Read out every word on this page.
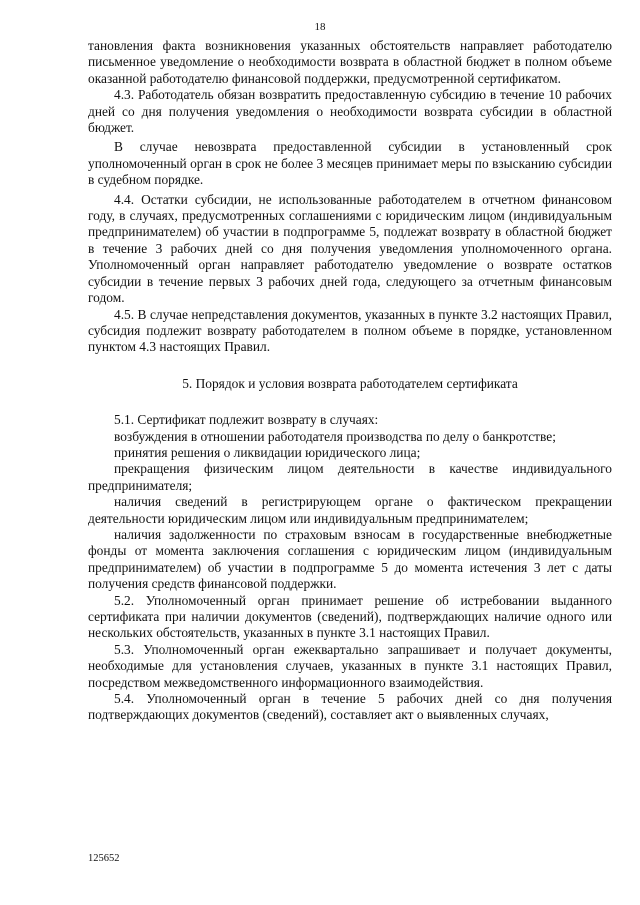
18

тановления факта возникновения указанных обстоятельств направляет работодателю письменное уведомление о необходимости возврата в областной бюджет в полном объеме оказанной работодателю финансовой поддержки, предусмотренной сертификатом.

4.3. Работодатель обязан возвратить предоставленную субсидию в течение 10 рабочих дней со дня получения уведомления о необходимости возврата субсидии в областной бюджет.

В случае невозврата предоставленной субсидии в установленный срок уполномоченный орган в срок не более 3 месяцев принимает меры по взысканию субсидии в судебном порядке.

4.4. Остатки субсидии, не использованные работодателем в отчетном финансовом году, в случаях, предусмотренных соглашениями с юридическим лицом (индивидуальным предпринимателем) об участии в подпрограмме 5, подлежат возврату в областной бюджет в течение 3 рабочих дней со дня получения уведомления уполномоченного органа. Уполномоченный орган направляет работодателю уведомление о возврате остатков субсидии в течение первых 3 рабочих дней года, следующего за отчетным финансовым годом.

4.5. В случае непредставления документов, указанных в пункте 3.2 настоящих Правил, субсидия подлежит возврату работодателем в полном объеме в порядке, установленном пунктом 4.3 настоящих Правил.

5. Порядок и условия возврата работодателем сертификата

5.1. Сертификат подлежит возврату в случаях:

возбуждения в отношении работодателя производства по делу о банкротстве;

принятия решения о ликвидации юридического лица;

прекращения физическим лицом деятельности в качестве индивидуального предпринимателя;

наличия сведений в регистрирующем органе о фактическом прекращении деятельности юридическим лицом или индивидуальным предпринимателем;

наличия задолженности по страховым взносам в государственные внебюджетные фонды от момента заключения соглашения с юридическим лицом (индивидуальным предпринимателем) об участии в подпрограмме 5 до момента истечения 3 лет с даты получения средств финансовой поддержки.

5.2. Уполномоченный орган принимает решение об истребовании выданного сертификата при наличии документов (сведений), подтверждающих наличие одного или нескольких обстоятельств, указанных в пункте 3.1 настоящих Правил.

5.3. Уполномоченный орган ежеквартально запрашивает и получает документы, необходимые для установления случаев, указанных в пункте 3.1 настоящих Правил, посредством межведомственного информационного взаимодействия.

5.4. Уполномоченный орган в течение 5 рабочих дней со дня получения подтверждающих документов (сведений), составляет акт о выявленных случаях,

125652
